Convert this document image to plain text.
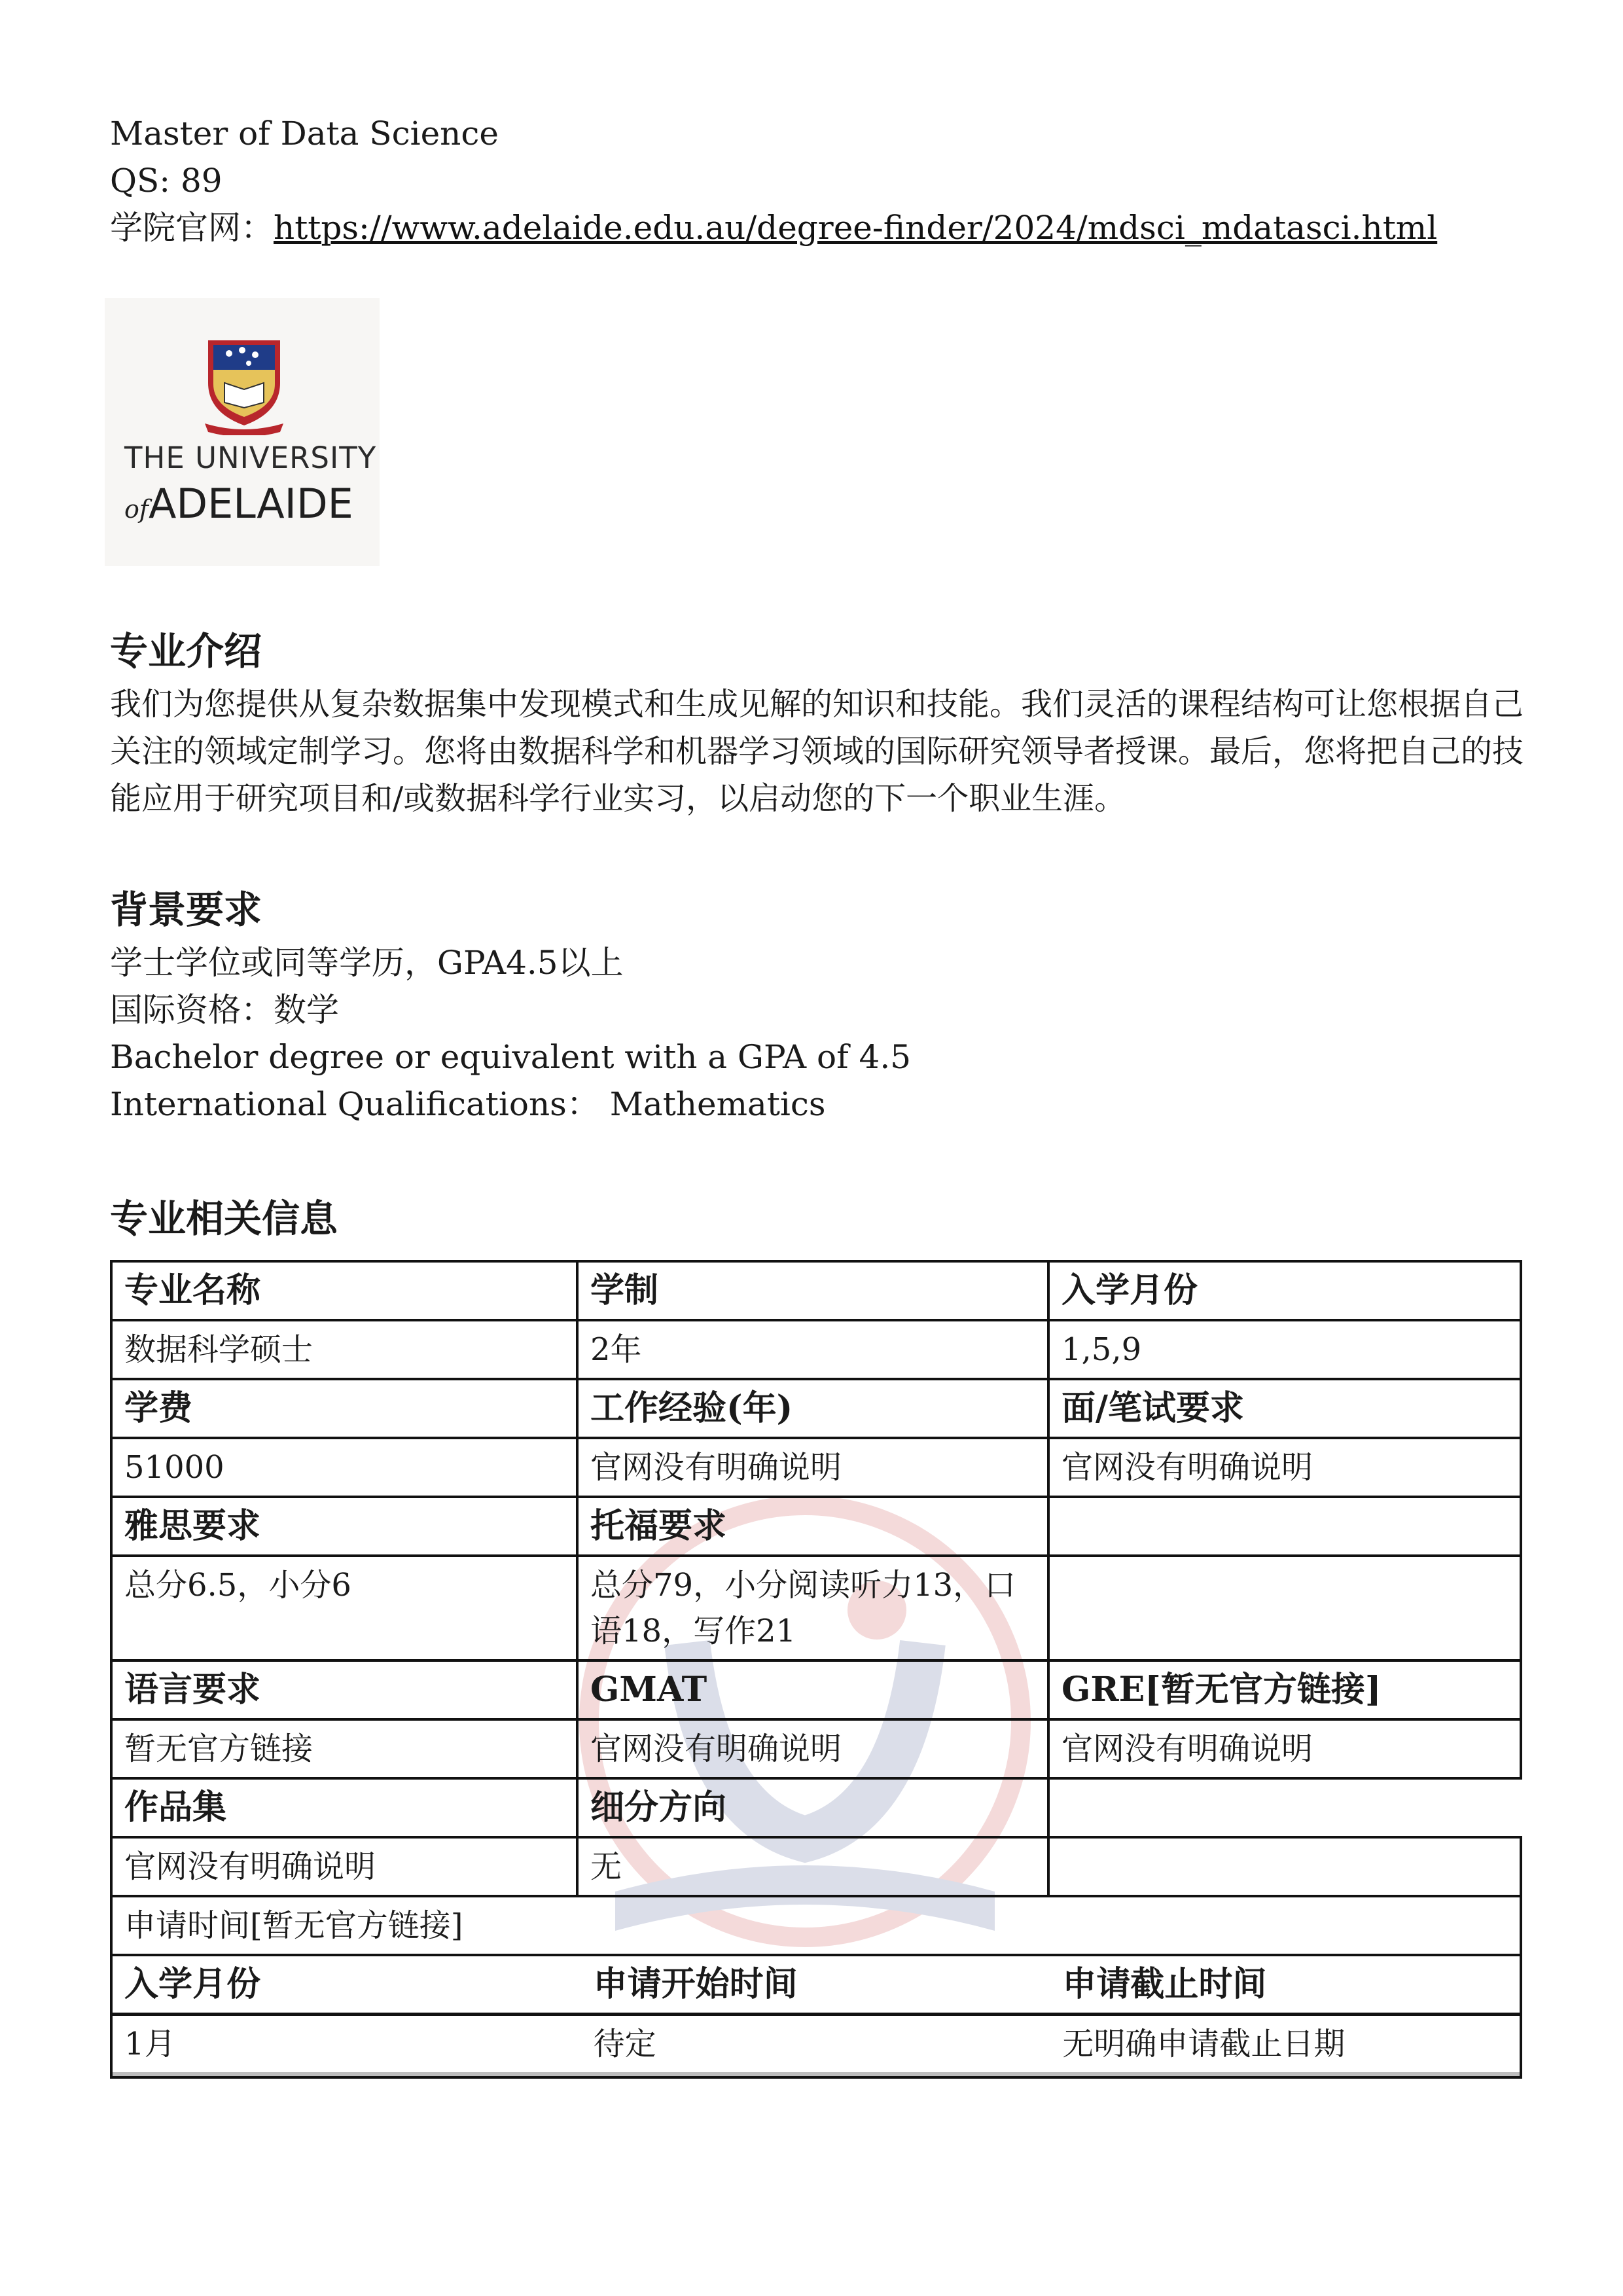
Master of Data Science
QS: 89
学院官网：https://www.adelaide.edu.au/degree-finder/2024/mdsci_mdatasci.html
THE UNIVERSITY
ofADELAIDE
专业介绍
我们为您提供从复杂数据集中发现模式和生成见解的知识和技能。我们灵活的课程结构可让您根据自己关注的领域定制学习。您将由数据科学和机器学习领域的国际研究领导者授课。最后，您将把自己的技能应用于研究项目和/或数据科学行业实习，以启动您的下一个职业生涯。
背景要求
学士学位或同等学历，GPA4.5以上
国际资格：数学
Bachelor degree or equivalent with a GPA of 4.5
International Qualifications： Mathematics
专业相关信息
专业名称	学制	入学月份
数据科学硕士	2年	1,5,9
学费	工作经验(年)	面/笔试要求
51000	官网没有明确说明	官网没有明确说明
雅思要求	托福要求	
总分6.5，小分6	总分79，小分阅读听力13，口语18，写作21	
语言要求	GMAT	GRE[暂无官方链接]
暂无官方链接	官网没有明确说明	官网没有明确说明
作品集	细分方向	
官网没有明确说明	无	
申请时间[暂无官方链接]

入学月份	申请开始时间	申请截止时间
1月	待定	无明确申请截止日期
